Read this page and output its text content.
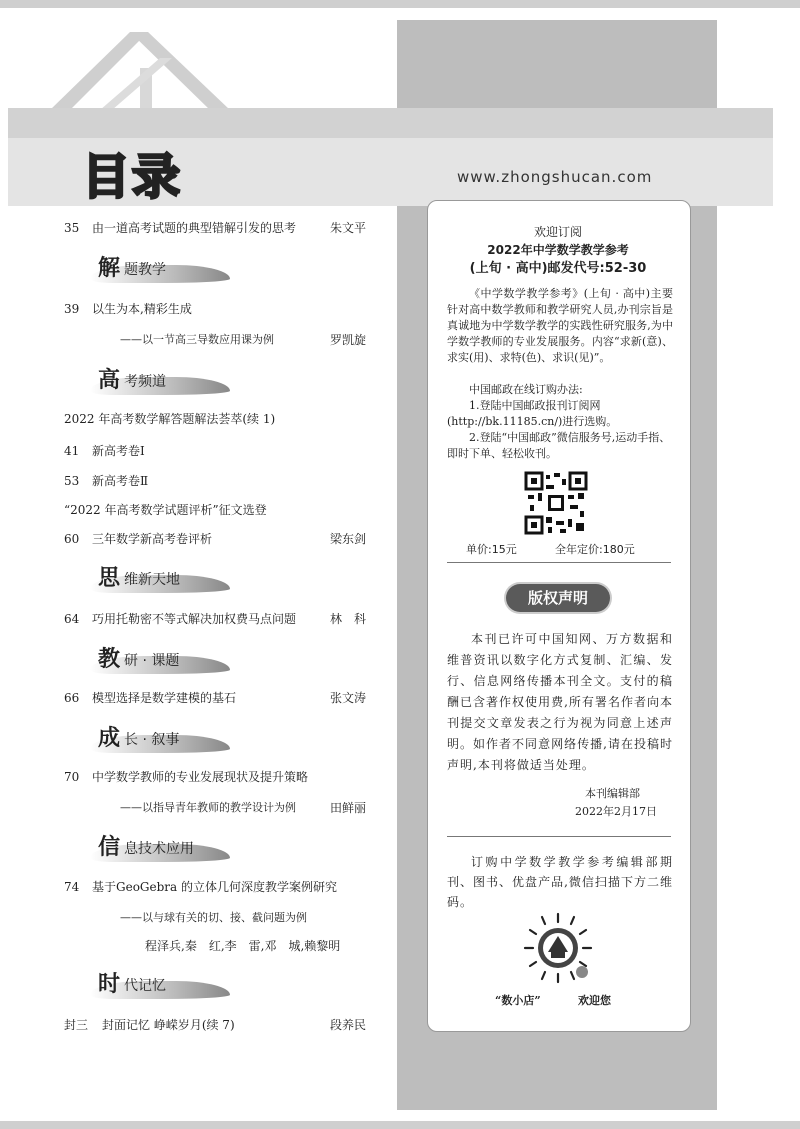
目录	www.zhongshucan.com
35 由一道高考试题的典型错解引发的思考	朱文平
解 题教学
39 以生为本,精彩生成
——以一节高三导数应用课为例	罗凯旋
高 考频道
2022 年高考数学解答题解法荟萃(续 1)
41 新高考卷Ⅰ
53 新高考卷Ⅱ
“2022 年高考数学试题评析”征文选登
60 三年数学新高考卷评析	梁东剑
思 维新天地
64 巧用托勒密不等式解决加权费马点问题	林　科
教 研 · 课题
66 模型选择是数学建模的基石	张文涛
成 长 · 叙事
70 中学数学教师的专业发展现状及提升策略
——以指导青年教师的教学设计为例	田鲜丽
信 息技术应用
74 基于GeoGebra 的立体几何深度教学案例研究
——以与球有关的切、接、截问题为例
程泽兵,秦　红,李　雷,邓　城,赖黎明
时 代记忆
封三 封面记忆 峥嵘岁月(续 7)	段养民
欢迎订阅
2022年中学数学教学参考
(上旬 · 高中)邮发代号:52-30
《中学数学教学参考》(上旬 · 高中)主要针对高中数学教师和教学研究人员,办刊宗旨是真诚地为中学数学教学的实践性研究服务,为中学数学教师的专业发展服务。内容“求新(意)、求实(用)、求特(色)、求识(见)”。
中国邮政在线订购办法:
1.登陆中国邮政报刊订阅网(http://bk.11185.cn/)进行选购。
2.登陆“中国邮政”微信服务号,运动手指、即时下单、轻松收刊。
单价:15元	全年定价:180元
版权声明
本刊已许可中国知网、万方数据和维普资讯以数字化方式复制、汇编、发行、信息网络传播本刊全文。支付的稿酬已含著作权使用费,所有署名作者向本刊提交文章发表之行为视为同意上述声明。如作者不同意网络传播,请在投稿时声明,本刊将做适当处理。
本刊编辑部
2022年2月17日
订购中学数学教学参考编辑部期刊、图书、优盘产品,微信扫描下方二维码。
“数小店”	欢迎您
